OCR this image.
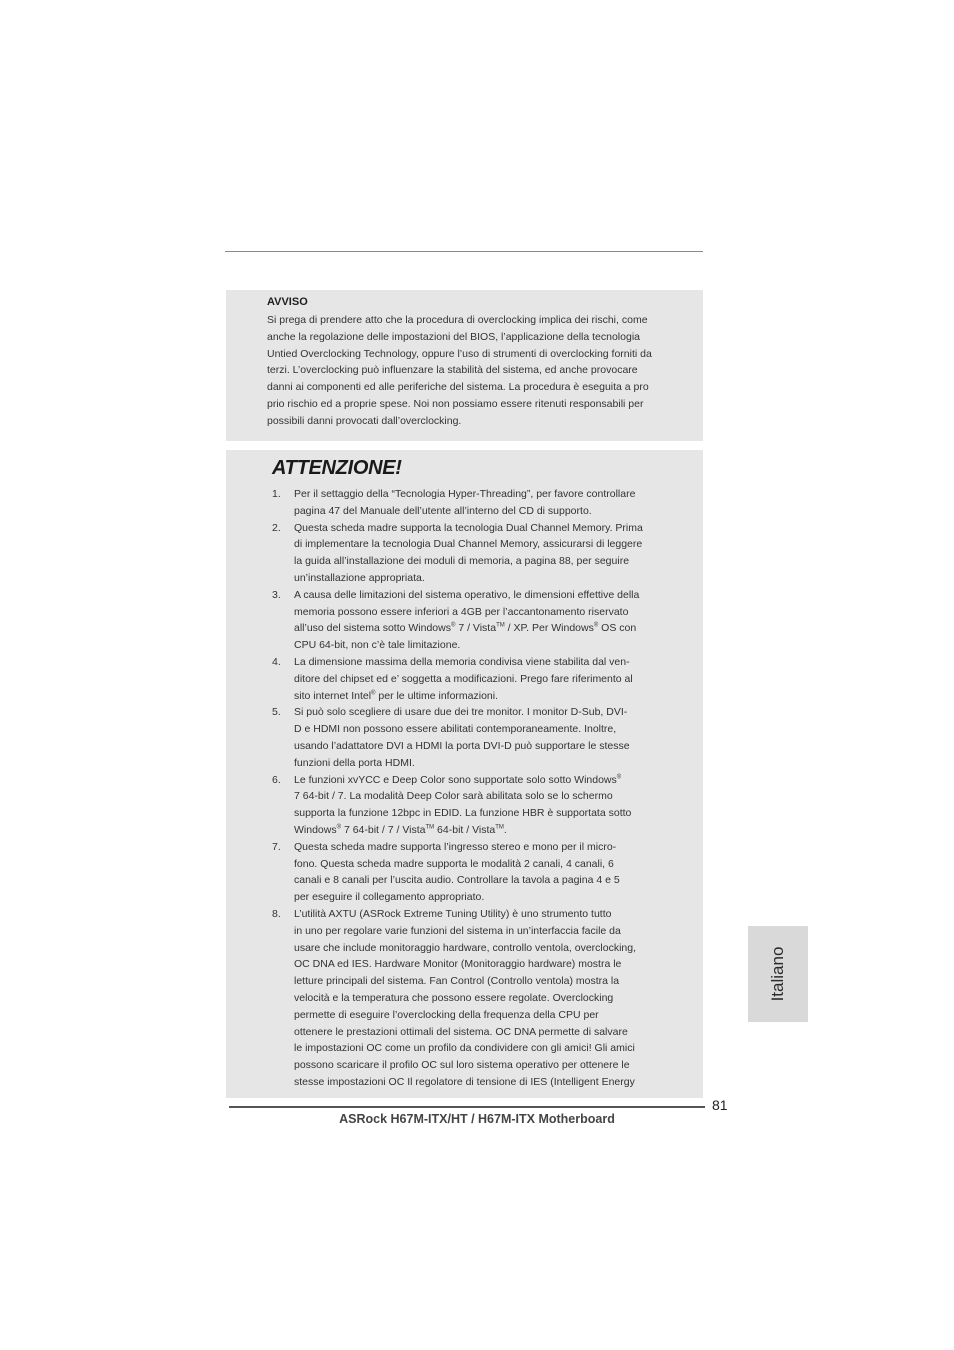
AVVISO
Si prega di prendere atto che la procedura di overclocking implica dei rischi, come
anche la regolazione delle impostazioni del BIOS, l’applicazione della tecnologia
Untied Overclocking Technology, oppure l’uso di strumenti di overclocking forniti da
terzi. L’overclocking può influenzare la stabilità del sistema, ed anche provocare
danni ai componenti ed alle periferiche del sistema. La procedura è eseguita a pro
prio rischio ed a proprie spese. Noi non possiamo essere ritenuti responsabili per
possibili danni provocati dall’overclocking.
ATTENZIONE!
1. Per il settaggio della “Tecnologia Hyper-Threading”, per favore controllare
pagina 47 del Manuale dell’utente all’interno del CD di supporto.
2. Questa scheda madre supporta la tecnologia Dual Channel Memory. Prima
di implementare la tecnologia Dual Channel Memory, assicurarsi di leggere
la guida all’installazione dei moduli di memoria, a pagina 88, per seguire
un’installazione appropriata.
3. A causa delle limitazioni del sistema operativo, le dimensioni effettive della
memoria possono essere inferiori a 4GB per l’accantonamento riservato
all’uso del sistema sotto Windows® 7 / Vista™ / XP. Per Windows® OS con
CPU 64-bit, non c’è tale limitazione.
4. La dimensione massima della memoria condivisa viene stabilita dal ven-
ditore del chipset ed e’ soggetta a modificazioni. Prego fare riferimento al
sito internet Intel® per le ultime informazioni.
5. Si può solo scegliere di usare due dei tre monitor. I monitor D-Sub, DVI-
D e HDMI non possono essere abilitati contemporaneamente. Inoltre,
usando l’adattatore DVI a HDMI la porta DVI-D può supportare le stesse
funzioni della porta HDMI.
6. Le funzioni xvYCC e Deep Color sono supportate solo sotto Windows®
7 64-bit / 7. La modalità Deep Color sarà abilitata solo se lo schermo
supporta la funzione 12bpc in EDID. La funzione HBR è supportata sotto
Windows® 7 64-bit / 7 / Vista™ 64-bit / Vista™.
7. Questa scheda madre supporta l’ingresso stereo e mono per il micro-
fono. Questa scheda madre supporta le modalità 2 canali, 4 canali, 6
canali e 8 canali per l’uscita audio. Controllare la tavola a pagina 4 e 5
per eseguire il collegamento appropriato.
8. L’utilità AXTU (ASRock Extreme Tuning Utility) è uno strumento tutto
in uno per regolare varie funzioni del sistema in un’interfaccia facile da
usare che include monitoraggio hardware, controllo ventola, overclocking,
OC DNA ed IES. Hardware Monitor (Monitoraggio hardware) mostra le
letture principali del sistema. Fan Control (Controllo ventola) mostra la
velocità e la temperatura che possono essere regolate. Overclocking
permette di eseguire l’overclocking della frequenza della CPU per
ottenere le prestazioni ottimali del sistema. OC DNA permette di salvare
le impostazioni OC come un profilo da condividere con gli amici! Gli amici
possono scaricare il profilo OC sul loro sistema operativo per ottenere le
stesse impostazioni OC Il regolatore di tensione di IES (Intelligent Energy
Italiano
81
ASRock H67M-ITX/HT / H67M-ITX Motherboard
